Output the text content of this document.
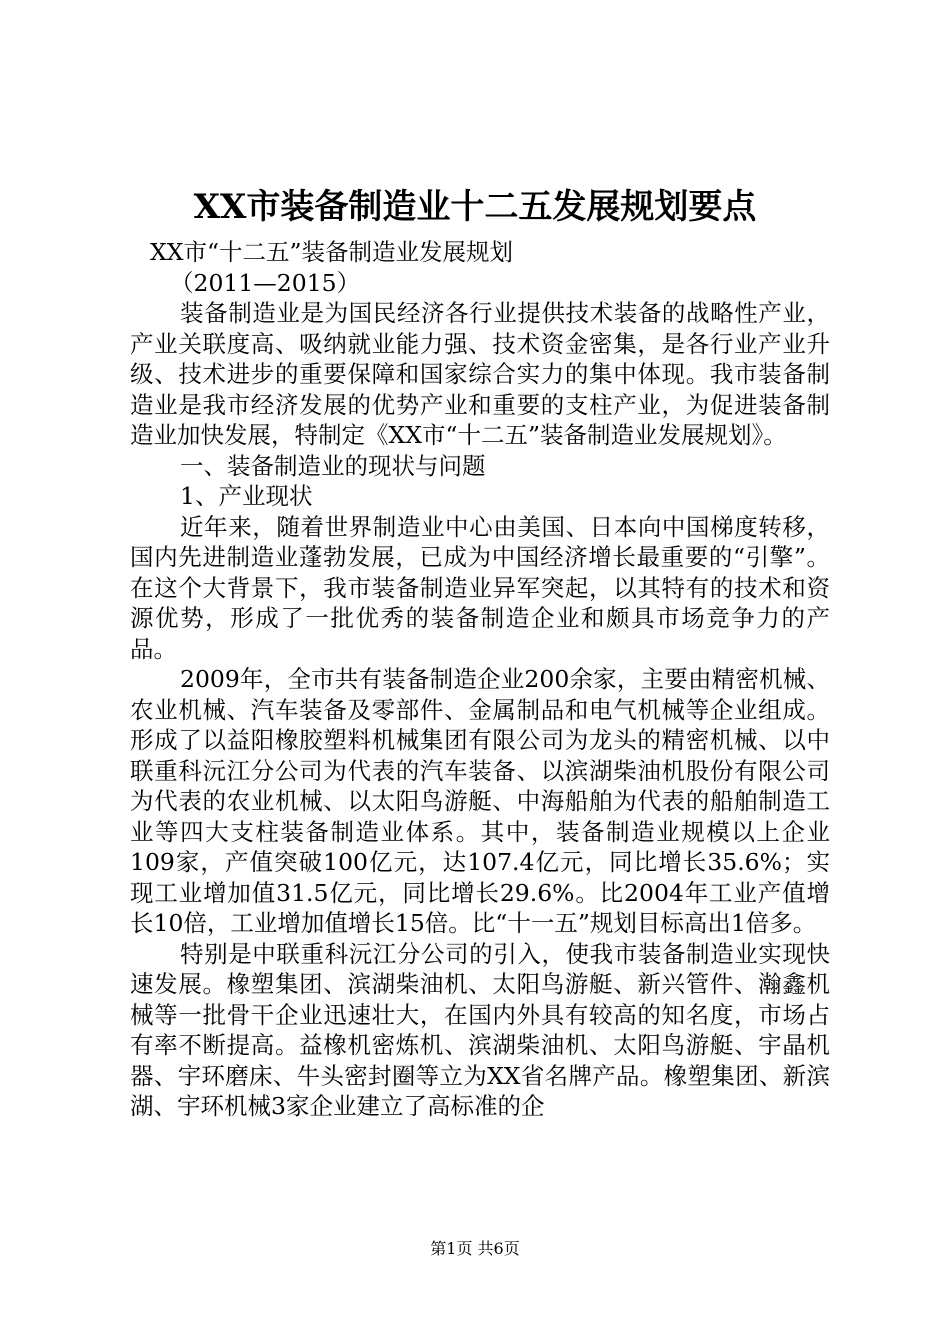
XX市装备制造业十二五发展规划要点

XX市“十二五”装备制造业发展规划

（2011—2015）

装备制造业是为国民经济各行业提供技术装备的战略性产业，产业关联度高、吸纳就业能力强、技术资金密集，是各行业产业升级、技术进步的重要保障和国家综合实力的集中体现。我市装备制造业是我市经济发展的优势产业和重要的支柱产业，为促进装备制造业加快发展，特制定《XX市“十二五”装备制造业发展规划》。

一、装备制造业的现状与问题

1、产业现状

近年来，随着世界制造业中心由美国、日本向中国梯度转移，国内先进制造业蓬勃发展，已成为中国经济增长最重要的“引擎”。在这个大背景下，我市装备制造业异军突起，以其特有的技术和资源优势，形成了一批优秀的装备制造企业和颇具市场竞争力的产品。

2009年，全市共有装备制造企业200余家，主要由精密机械、农业机械、汽车装备及零部件、金属制品和电气机械等企业组成。形成了以益阳橡胶塑料机械集团有限公司为龙头的精密机械、以中联重科沅江分公司为代表的汽车装备、以滨湖柴油机股份有限公司为代表的农业机械、以太阳鸟游艇、中海船舶为代表的船舶制造工业等四大支柱装备制造业体系。其中，装备制造业规模以上企业109家，产值突破100亿元，达107.4亿元，同比增长35.6%；实现工业增加值31.5亿元，同比增长29.6%。比2004年工业产值增长10倍，工业增加值增长15倍。比“十一五”规划目标高出1倍多。

特别是中联重科沅江分公司的引入，使我市装备制造业实现快速发展。橡塑集团、滨湖柴油机、太阳鸟游艇、新兴管件、瀚鑫机械等一批骨干企业迅速壮大，在国内外具有较高的知名度，市场占有率不断提高。益橡机密炼机、滨湖柴油机、太阳鸟游艇、宇晶机器、宇环磨床、牛头密封圈等立为XX省名牌产品。橡塑集团、新滨湖、宇环机械3家企业建立了高标准的企

第1页 共6页
